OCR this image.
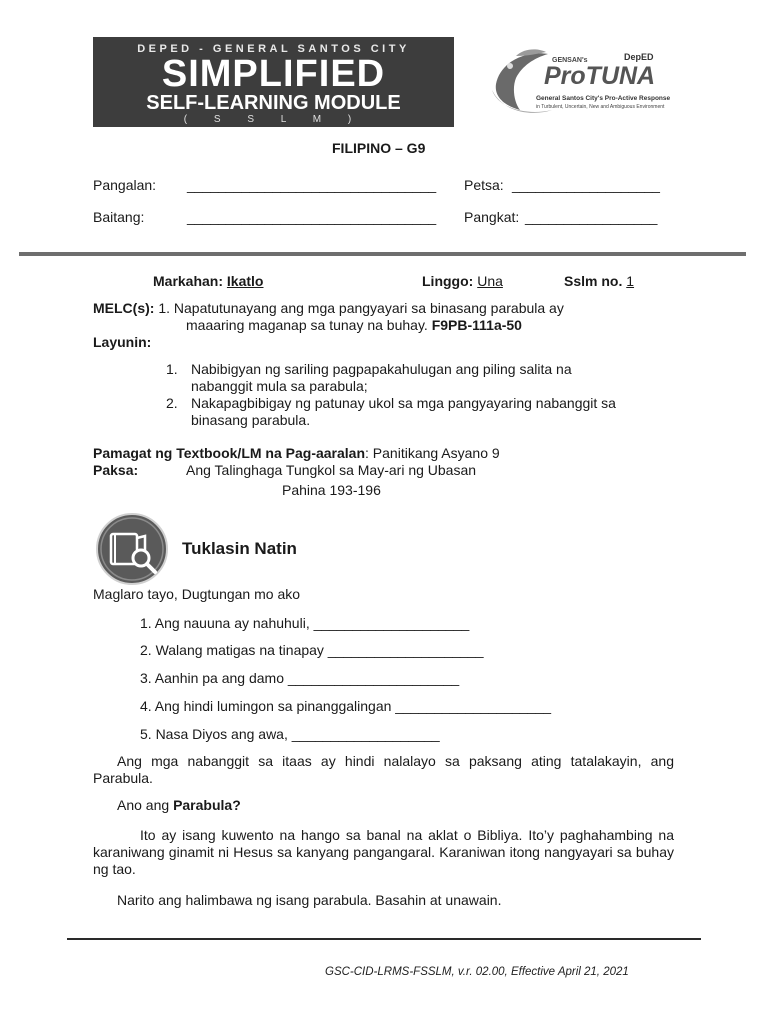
DEPED - GENERAL SANTOS CITY
SIMPLIFIED
SELF-LEARNING MODULE
( S S L M )
DepED
GENSAN's
ProTUNA
General Santos City's Pro-Active Response
in Turbulent, Uncertain, New and Ambiguous Environment
FILIPINO – G9
Pangalan: ________________________________ Petsa: ___________________
Baitang:	________________________________ Pangkat: _________________
Markahan: Ikatlo	Linggo: Una	Sslm no. 1
MELC(s): 1. Napatutunayang ang mga pangyayari sa binasang parabula ay
maaaring maganap sa tunay na buhay. F9PB-111a-50
Layunin:
1. Nabibigyan ng sariling pagpapakahulugan ang piling salita na
nabanggit mula sa parabula;
2. Nakapagbibigay ng patunay ukol sa mga pangyayaring nabanggit sa
binasang parabula.
Pamagat ng Textbook/LM na Pag-aaralan: Panitikang Asyano 9
Paksa:	Ang Talinghaga Tungkol sa May-ari ng Ubasan
Pahina 193-196
Tuklasin Natin
Maglaro tayo, Dugtungan mo ako
1. Ang nauuna ay nahuhuli, ____________________
2. Walang matigas na tinapay ____________________
3. Aanhin pa ang damo ______________________
4. Ang hindi lumingon sa pinanggalingan ____________________
5. Nasa Diyos ang awa, ___________________
Ang mga nabanggit sa itaas ay hindi nalalayo sa paksang ating tatalakayin, ang Parabula.
Ano ang Parabula?
Ito ay isang kuwento na hango sa banal na aklat o Bibliya. Ito’y paghahambing na karaniwang ginamit ni Hesus sa kanyang pangangaral. Karaniwan itong nangyayari sa buhay ng tao.
Narito ang halimbawa ng isang parabula. Basahin at unawain.
GSC-CID-LRMS-FSSLM, v.r. 02.00, Effective April 21, 2021
